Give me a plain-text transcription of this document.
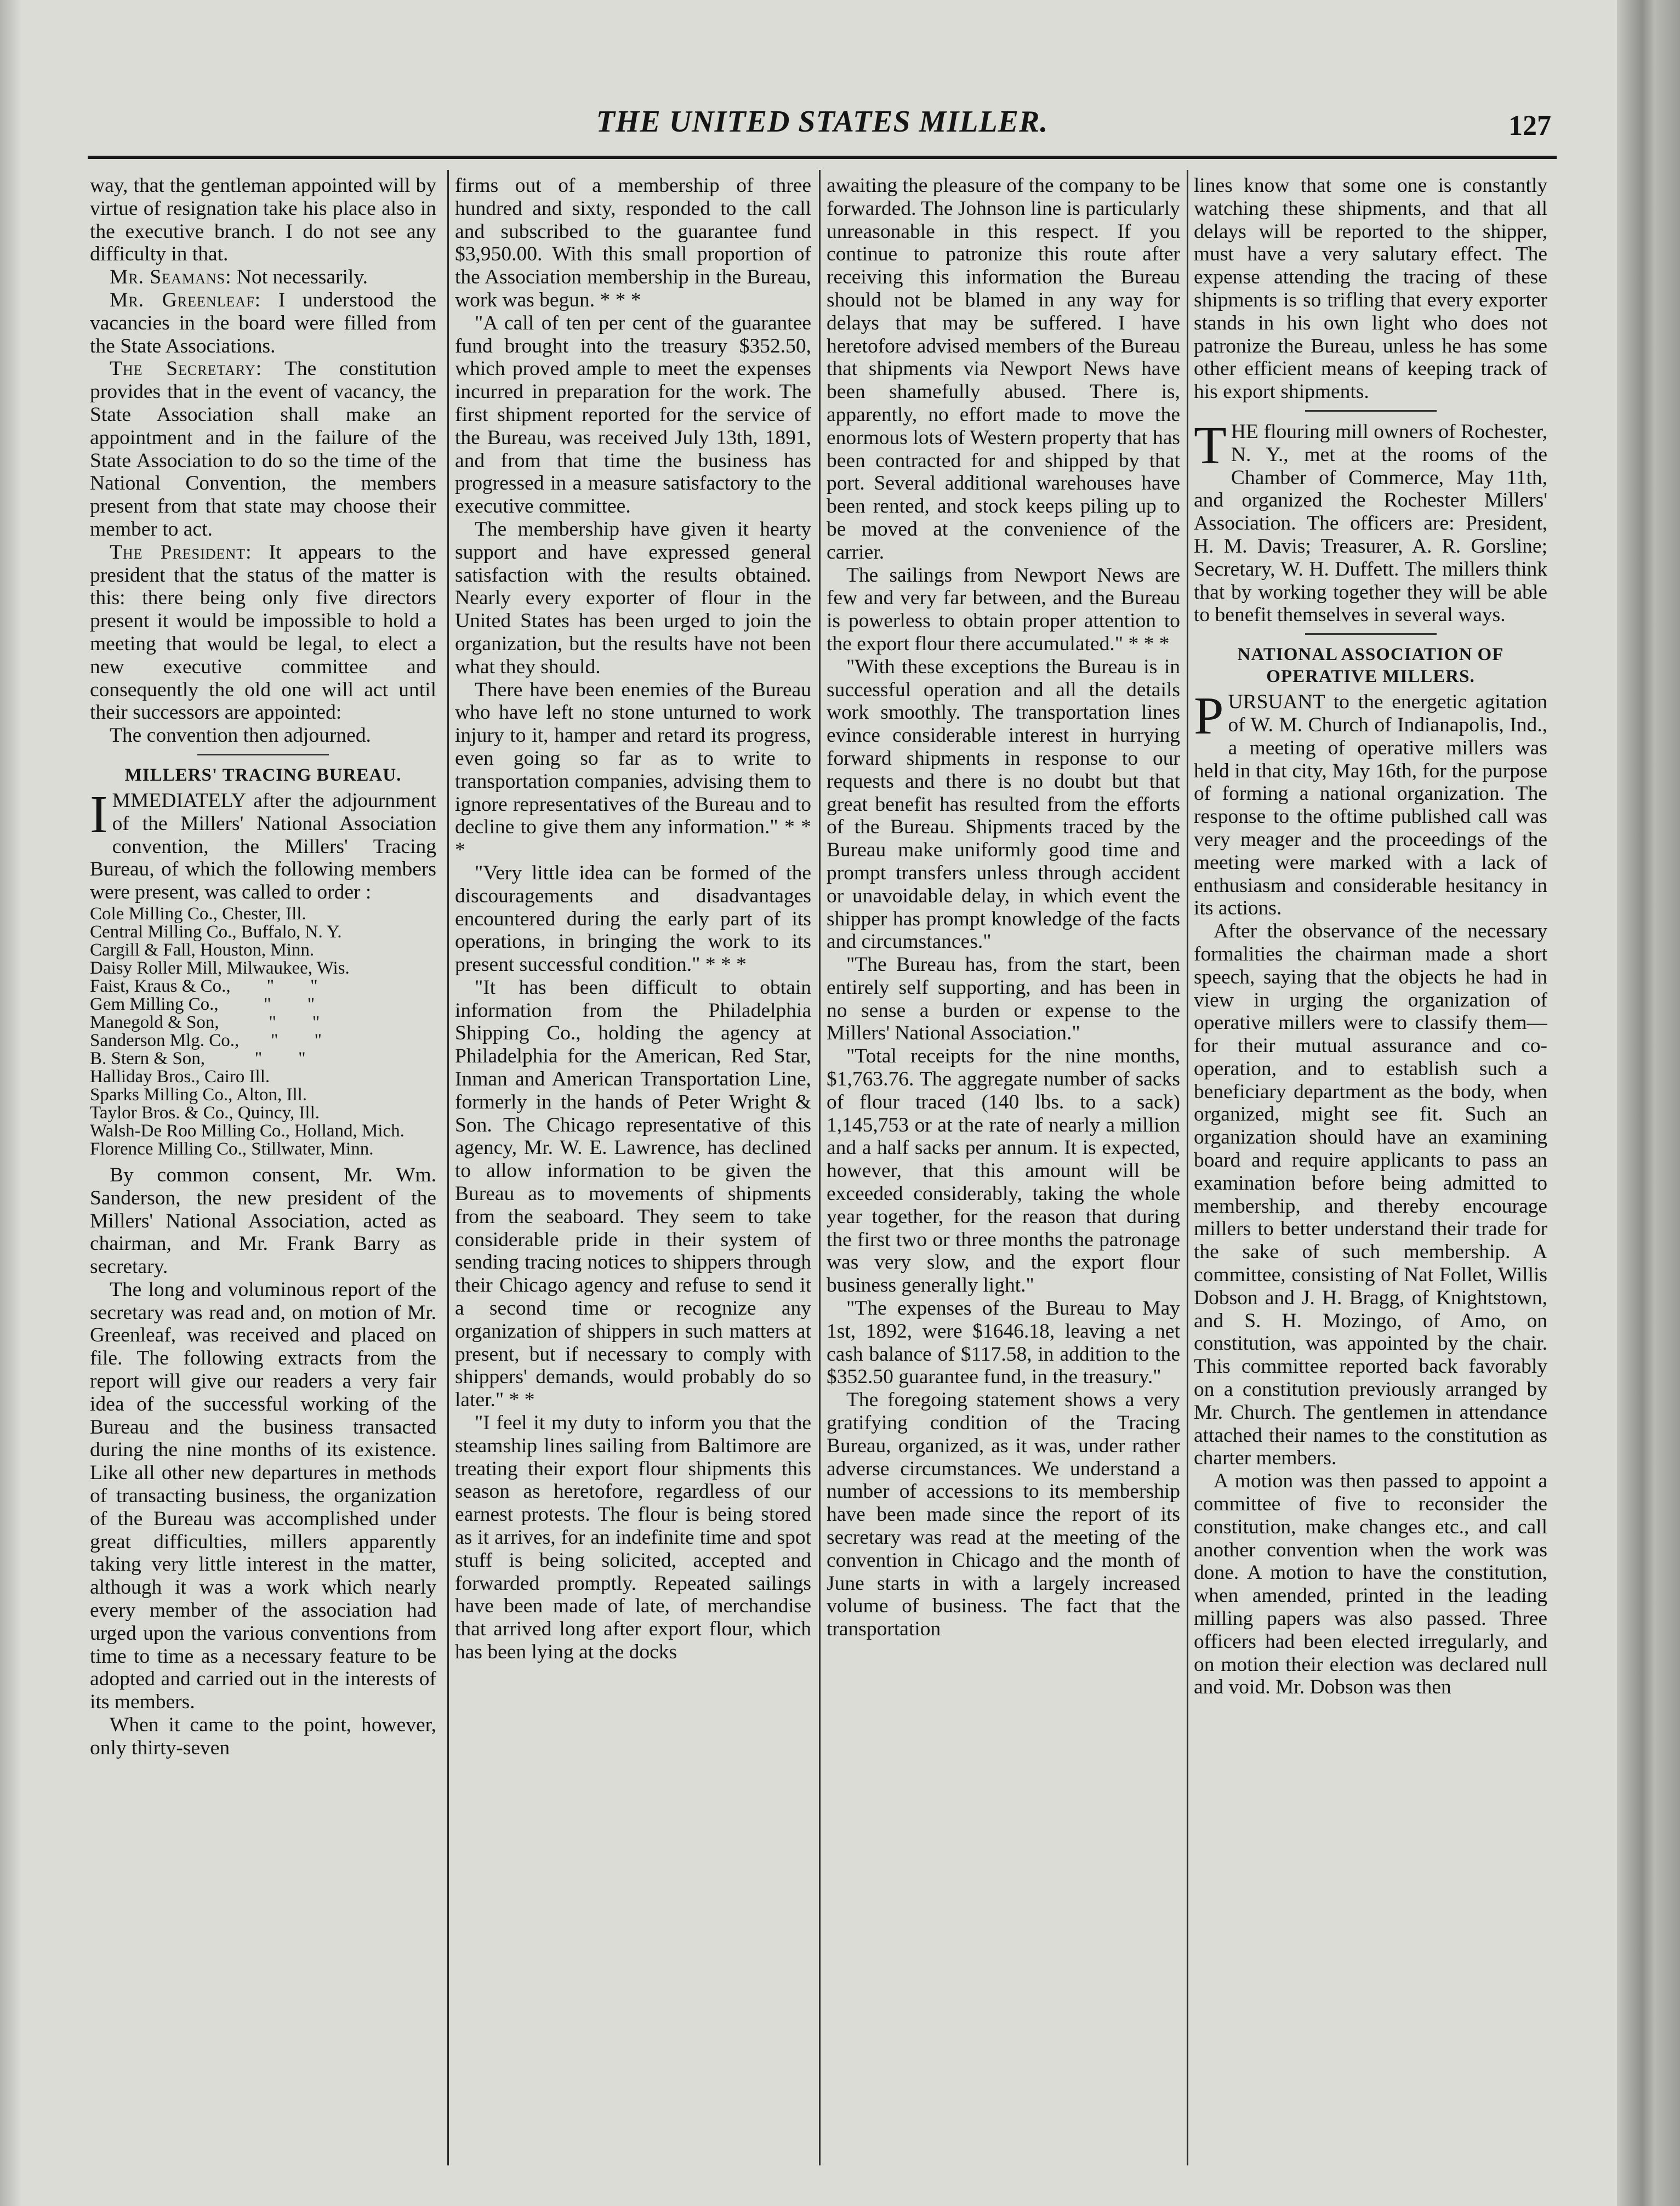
THE UNITED STATES MILLER.	127

way, that the gentleman appointed will by virtue of resignation take his place also in the executive branch. I do not see any difficulty in that.

Mr. Seamans: Not necessarily.

Mr. Greenleaf: I understood the vacancies in the board were filled from the State Associations.

The Secretary: The constitution provides that in the event of vacancy, the State Association shall make an appointment and in the failure of the State Association to do so the time of the National Convention, the members present from that state may choose their member to act.

The President: It appears to the president that the status of the matter is this: there being only five directors present it would be impossible to hold a meeting that would be legal, to elect a new executive committee and consequently the old one will act until their successors are appointed:

The convention then adjourned.

MILLERS' TRACING BUREAU.

IMMEDIATELY after the adjournment of the Millers' National Association convention, the Millers' Tracing Bureau, of which the following members were present, was called to order :

Cole Milling Co., Chester, Ill.
Central Milling Co., Buffalo, N. Y.
Cargill & Fall, Houston, Minn.
Daisy Roller Mill, Milwaukee, Wis.
Faist, Kraus & Co.,        "        "
Gem Milling Co.,          "        "
Manegold & Son,           "        "
Sanderson Mlg. Co.,       "        "
B. Stern & Son,           "        "
Halliday Bros., Cairo Ill.
Sparks Milling Co., Alton, Ill.
Taylor Bros. & Co., Quincy, Ill.
Walsh-De Roo Milling Co., Holland, Mich.
Florence Milling Co., Stillwater, Minn.

By common consent, Mr. Wm. Sanderson, the new president of the Millers' National Association, acted as chairman, and Mr. Frank Barry as secretary.

The long and voluminous report of the secretary was read and, on motion of Mr. Greenleaf, was received and placed on file. The following extracts from the report will give our readers a very fair idea of the successful working of the Bureau and the business transacted during the nine months of its existence. Like all other new departures in methods of transacting business, the organization of the Bureau was accomplished under great difficulties, millers apparently taking very little interest in the matter, although it was a work which nearly every member of the association had urged upon the various conventions from time to time as a necessary feature to be adopted and carried out in the interests of its members.

When it came to the point, however, only thirty-seven

firms out of a membership of three hundred and sixty, responded to the call and subscribed to the guarantee fund $3,950.00. With this small proportion of the Association membership in the Bureau, work was begun. * * *

"A call of ten per cent of the guarantee fund brought into the treasury $352.50, which proved ample to meet the expenses incurred in preparation for the work. The first shipment reported for the service of the Bureau, was received July 13th, 1891, and from that time the business has progressed in a measure satisfactory to the executive committee.

The membership have given it hearty support and have expressed general satisfaction with the results obtained. Nearly every exporter of flour in the United States has been urged to join the organization, but the results have not been what they should.

There have been enemies of the Bureau who have left no stone unturned to work injury to it, hamper and retard its progress, even going so far as to write to transportation companies, advising them to ignore representatives of the Bureau and to decline to give them any information." * * *

"Very little idea can be formed of the discouragements and disadvantages encountered during the early part of its operations, in bringing the work to its present successful condition." * * *

"It has been difficult to obtain information from the Philadelphia Shipping Co., holding the agency at Philadelphia for the American, Red Star, Inman and American Transportation Line, formerly in the hands of Peter Wright & Son. The Chicago representative of this agency, Mr. W. E. Lawrence, has declined to allow information to be given the Bureau as to movements of shipments from the seaboard. They seem to take considerable pride in their system of sending tracing notices to shippers through their Chicago agency and refuse to send it a second time or recognize any organization of shippers in such matters at present, but if necessary to comply with shippers' demands, would probably do so later." * *

"I feel it my duty to inform you that the steamship lines sailing from Baltimore are treating their export flour shipments this season as heretofore, regardless of our earnest protests. The flour is being stored as it arrives, for an indefinite time and spot stuff is being solicited, accepted and forwarded promptly. Repeated sailings have been made of late, of merchandise that arrived long after export flour, which has been lying at the docks

awaiting the pleasure of the company to be forwarded. The Johnson line is particularly unreasonable in this respect. If you continue to patronize this route after receiving this information the Bureau should not be blamed in any way for delays that may be suffered. I have heretofore advised members of the Bureau that shipments via Newport News have been shamefully abused. There is, apparently, no effort made to move the enormous lots of Western property that has been contracted for and shipped by that port. Several additional warehouses have been rented, and stock keeps piling up to be moved at the convenience of the carrier.

The sailings from Newport News are few and very far between, and the Bureau is powerless to obtain proper attention to the export flour there accumulated." * * *

"With these exceptions the Bureau is in successful operation and all the details work smoothly. The transportation lines evince considerable interest in hurrying forward shipments in response to our requests and there is no doubt but that great benefit has resulted from the efforts of the Bureau. Shipments traced by the Bureau make uniformly good time and prompt transfers unless through accident or unavoidable delay, in which event the shipper has prompt knowledge of the facts and circumstances."

"The Bureau has, from the start, been entirely self supporting, and has been in no sense a burden or expense to the Millers' National Association."

"Total receipts for the nine months, $1,763.76. The aggregate number of sacks of flour traced (140 lbs. to a sack) 1,145,753 or at the rate of nearly a million and a half sacks per annum. It is expected, however, that this amount will be exceeded considerably, taking the whole year together, for the reason that during the first two or three months the patronage was very slow, and the export flour business generally light."

"The expenses of the Bureau to May 1st, 1892, were $1646.18, leaving a net cash balance of $117.58, in addition to the $352.50 guarantee fund, in the treasury."

The foregoing statement shows a very gratifying condition of the Tracing Bureau, organized, as it was, under rather adverse circumstances. We understand a number of accessions to its membership have been made since the report of its secretary was read at the meeting of the convention in Chicago and the month of June starts in with a largely increased volume of business. The fact that the transportation

lines know that some one is constantly watching these shipments, and that all delays will be reported to the shipper, must have a very salutary effect. The expense attending the tracing of these shipments is so trifling that every exporter stands in his own light who does not patronize the Bureau, unless he has some other efficient means of keeping track of his export shipments.

THE flouring mill owners of Rochester, N. Y., met at the rooms of the Chamber of Commerce, May 11th, and organized the Rochester Millers' Association. The officers are: President, H. M. Davis; Treasurer, A. R. Gorsline; Secretary, W. H. Duffett. The millers think that by working together they will be able to benefit themselves in several ways.

NATIONAL ASSOCIATION OF OPERATIVE MILLERS.

PURSUANT to the energetic agitation of W. M. Church of Indianapolis, Ind., a meeting of operative millers was held in that city, May 16th, for the purpose of forming a national organization. The response to the oftime published call was very meager and the proceedings of the meeting were marked with a lack of enthusiasm and considerable hesitancy in its actions.

After the observance of the necessary formalities the chairman made a short speech, saying that the objects he had in view in urging the organization of operative millers were to classify them—for their mutual assurance and co-operation, and to establish such a beneficiary department as the body, when organized, might see fit. Such an organization should have an examining board and require applicants to pass an examination before being admitted to membership, and thereby encourage millers to better understand their trade for the sake of such membership. A committee, consisting of Nat Follet, Willis Dobson and J. H. Bragg, of Knightstown, and S. H. Mozingo, of Amo, on constitution, was appointed by the chair. This committee reported back favorably on a constitution previously arranged by Mr. Church. The gentlemen in attendance attached their names to the constitution as charter members.

A motion was then passed to appoint a committee of five to reconsider the constitution, make changes etc., and call another convention when the work was done. A motion to have the constitution, when amended, printed in the leading milling papers was also passed. Three officers had been elected irregularly, and on motion their election was declared null and void. Mr. Dobson was then
